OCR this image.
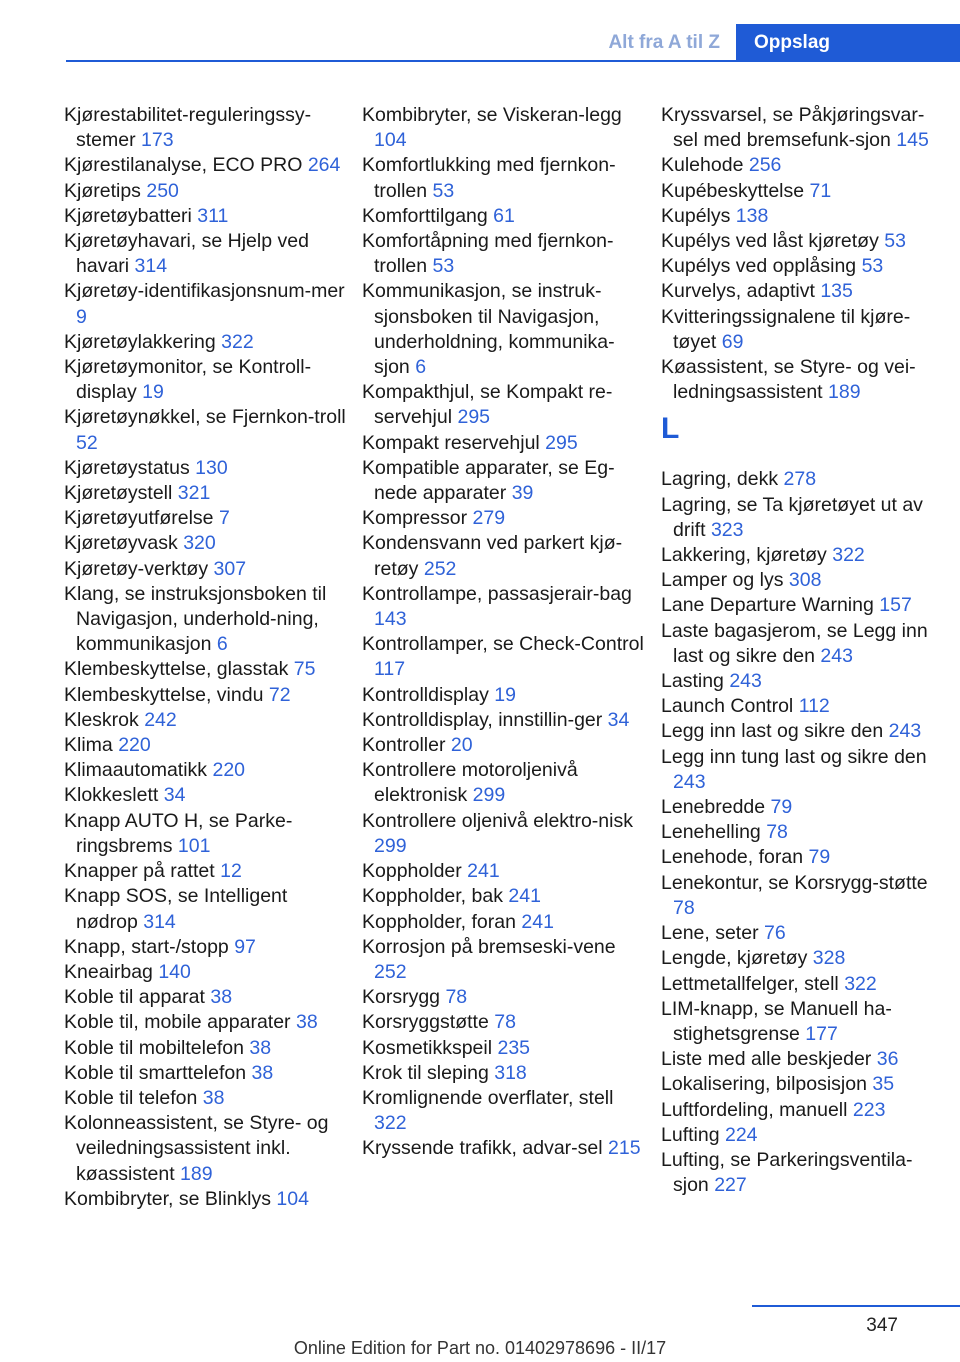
Alt fra A til Z	Oppslag
Kjørestabilitet-reguleringssy-stemer 173
Kjørestilanalyse, ECO PRO 264
Kjøretips 250
Kjøretøybatteri 311
Kjøretøyhavari, se Hjelp ved havari 314
Kjøretøy-identifikasjonsnum-mer 9
Kjøretøylakkering 322
Kjøretøymonitor, se Kontroll-display 19
Kjøretøynøkkel, se Fjernkon-troll 52
Kjøretøystatus 130
Kjøretøystell 321
Kjøretøyutførelse 7
Kjøretøyvask 320
Kjøretøy-verktøy 307
Klang, se instruksjonsboken til Navigasjon, underhold-ning, kommunikasjon 6
Klembeskyttelse, glasstak 75
Klembeskyttelse, vindu 72
Kleskrok 242
Klima 220
Klimaautomatikk 220
Klokkeslett 34
Knapp AUTO H, se Parke-ringsbrems 101
Knapper på rattet 12
Knapp SOS, se Intelligent nødrop 314
Knapp, start-/stopp 97
Kneairbag 140
Koble til apparat 38
Koble til, mobile apparater 38
Koble til mobiltelefon 38
Koble til smarttelefon 38
Koble til telefon 38
Kolonneassistent, se Styre- og veiledningsassistent inkl. køassistent 189
Kombibryter, se Blinklys 104
Kombibryter, se Viskeran-legg 104
Komfortlukking med fjernkon-trollen 53
Komforttilgang 61
Komfortåpning med fjernkon-trollen 53
Kommunikasjon, se instruk-sjonsboken til Navigasjon, underholdning, kommunika-sjon 6
Kompakthjul, se Kompakt re-servehjul 295
Kompakt reservehjul 295
Kompatible apparater, se Eg-nede apparater 39
Kompressor 279
Kondensvann ved parkert kjø-retøy 252
Kontrollampe, passasjerair-bag 143
Kontrollamper, se Check-Control 117
Kontrolldisplay 19
Kontrolldisplay, innstillin-ger 34
Kontroller 20
Kontrollere motoroljenivå elektronisk 299
Kontrollere oljenivå elektro-nisk 299
Koppholder 241
Koppholder, bak 241
Koppholder, foran 241
Korrosjon på bremseski-vene 252
Korsrygg 78
Korsryggstøtte 78
Kosmetikkspeil 235
Krok til sleping 318
Kromlignende overflater, stell 322
Kryssende trafikk, advar-sel 215
Kryssvarsel, se Påkjøringsvar-sel med bremsefunk-sjon 145
Kulehode 256
Kupébeskyttelse 71
Kupélys 138
Kupélys ved låst kjøretøy 53
Kupélys ved opplåsing 53
Kurvelys, adaptivt 135
Kvitteringssignalene til kjøre-tøyet 69
Køassistent, se Styre- og vei-ledningsassistent 189
L
Lagring, dekk 278
Lagring, se Ta kjøretøyet ut av drift 323
Lakkering, kjøretøy 322
Lamper og lys 308
Lane Departure Warning 157
Laste bagasjerom, se Legg inn last og sikre den 243
Lasting 243
Launch Control 112
Legg inn last og sikre den 243
Legg inn tung last og sikre den 243
Lenebredde 79
Lenehelling 78
Lenehode, foran 79
Lenekontur, se Korsrygg-støtte 78
Lene, seter 76
Lengde, kjøretøy 328
Lettmetallfelger, stell 322
LIM-knapp, se Manuell ha-stighetsgrense 177
Liste med alle beskjeder 36
Lokalisering, bilposisjon 35
Luftfordeling, manuell 223
Lufting 224
Lufting, se Parkeringsventila-sjon 227
347
Online Edition for Part no. 01402978696 - II/17
